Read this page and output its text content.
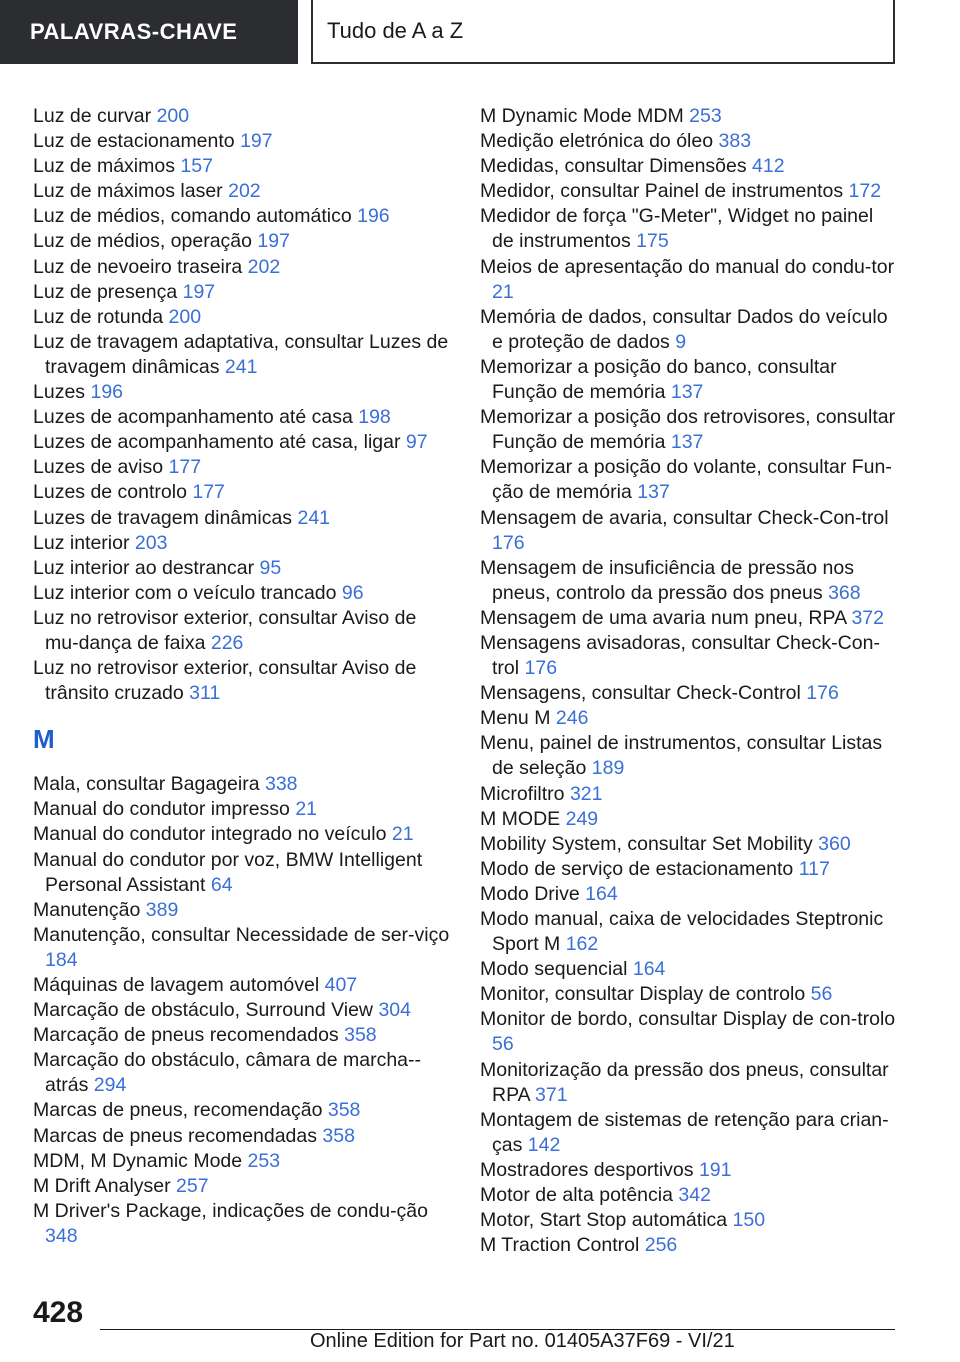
PALAVRAS-CHAVE	Tudo de A a Z
Luz de curvar 200
Luz de estacionamento 197
Luz de máximos 157
Luz de máximos laser 202
Luz de médios, comando automático 196
Luz de médios, operação 197
Luz de nevoeiro traseira 202
Luz de presença 197
Luz de rotunda 200
Luz de travagem adaptativa, consultar Luzes de travagem dinâmicas 241
Luzes 196
Luzes de acompanhamento até casa 198
Luzes de acompanhamento até casa, ligar 97
Luzes de aviso 177
Luzes de controlo 177
Luzes de travagem dinâmicas 241
Luz interior 203
Luz interior ao destrancar 95
Luz interior com o veículo trancado 96
Luz no retrovisor exterior, consultar Aviso de mu-dança de faixa 226
Luz no retrovisor exterior, consultar Aviso de trânsito cruzado 311
M
Mala, consultar Bagageira 338
Manual do condutor impresso 21
Manual do condutor integrado no veículo 21
Manual do condutor por voz, BMW Intelligent Personal Assistant 64
Manutenção 389
Manutenção, consultar Necessidade de ser-viço 184
Máquinas de lavagem automóvel 407
Marcação de obstáculo, Surround View 304
Marcação de pneus recomendados 358
Marcação do obstáculo, câmara de marcha--atrás 294
Marcas de pneus, recomendação 358
Marcas de pneus recomendadas 358
MDM, M Dynamic Mode 253
M Drift Analyser 257
M Driver's Package, indicações de condu-ção 348
M Dynamic Mode MDM 253
Medição eletrónica do óleo 383
Medidas, consultar Dimensões 412
Medidor, consultar Painel de instrumentos 172
Medidor de força "G-Meter", Widget no painel de instrumentos 175
Meios de apresentação do manual do condu-tor 21
Memória de dados, consultar Dados do veículo e proteção de dados 9
Memorizar a posição do banco, consultar Função de memória 137
Memorizar a posição dos retrovisores, consultar Função de memória 137
Memorizar a posição do volante, consultar Fun-ção de memória 137
Mensagem de avaria, consultar Check-Con-trol 176
Mensagem de insuficiência de pressão nos pneus, controlo da pressão dos pneus 368
Mensagem de uma avaria num pneu, RPA 372
Mensagens avisadoras, consultar Check-Con-trol 176
Mensagens, consultar Check-Control 176
Menu M 246
Menu, painel de instrumentos, consultar Listas de seleção 189
Microfiltro 321
M MODE 249
Mobility System, consultar Set Mobility 360
Modo de serviço de estacionamento 117
Modo Drive 164
Modo manual, caixa de velocidades Steptronic Sport M 162
Modo sequencial 164
Monitor, consultar Display de controlo 56
Monitor de bordo, consultar Display de con-trolo 56
Monitorização da pressão dos pneus, consultar RPA 371
Montagem de sistemas de retenção para crian-ças 142
Mostradores desportivos 191
Motor de alta potência 342
Motor, Start Stop automática 150
M Traction Control 256
428
Online Edition for Part no. 01405A37F69 - VI/21
